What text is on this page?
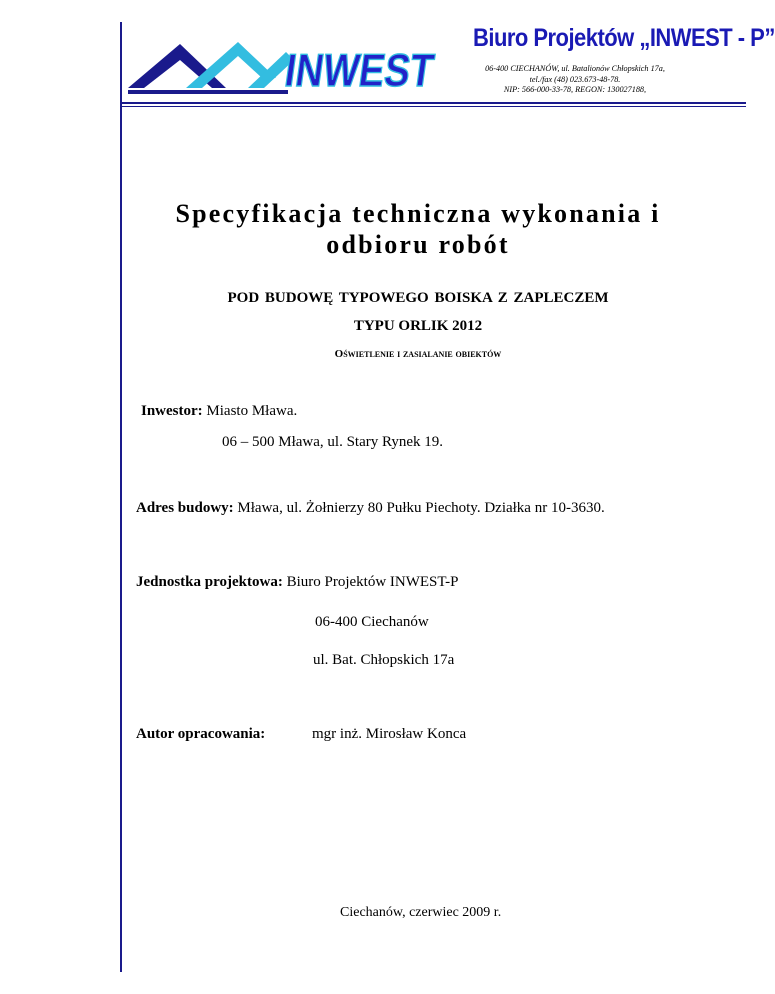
INWEST
Biuro Projektów „INWEST - P”
06-400 CIECHANÓW, ul. Batalionów Chłopskich 17a,
tel./fax (48) 023.673-48-78.
NIP: 566-000-33-78, REGON: 130027188,
Specyfikacja techniczna wykonania i
odbioru robót
POD BUDOWĘ TYPOWEGO BOISKA Z ZAPLECZEM
TYPU ORLIK 2012
Oświetlenie i zasialanie obiektów
Inwestor: Miasto Mława.
06 – 500 Mława, ul. Stary Rynek 19.
Adres budowy: Mława, ul. Żołnierzy 80 Pułku Piechoty. Działka nr 10-3630.
Jednostka projektowa: Biuro Projektów INWEST-P
06-400 Ciechanów
ul. Bat. Chłopskich 17a
Autor opracowania:	mgr inż. Mirosław Konca
Ciechanów, czerwiec 2009 r.
